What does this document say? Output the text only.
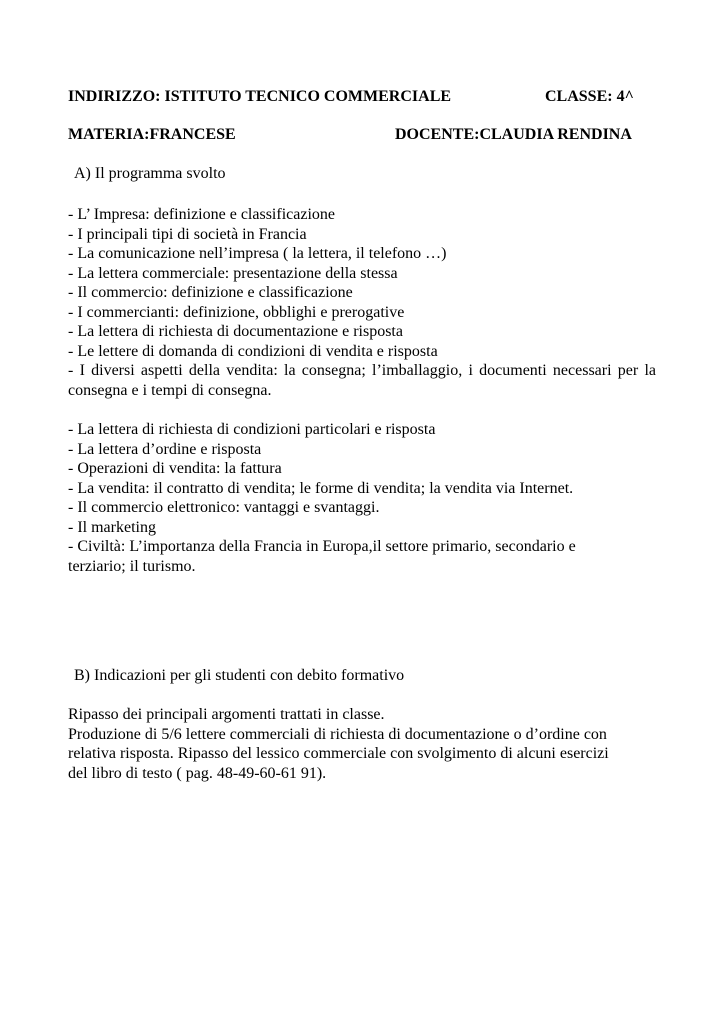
INDIRIZZO: ISTITUTO TECNICO COMMERCIALE	CLASSE: 4^
MATERIA:FRANCESE	DOCENTE:CLAUDIA RENDINA
A) Il programma svolto
- L’ Impresa: definizione e classificazione
- I principali tipi di società in Francia
- La comunicazione nell’impresa ( la lettera, il telefono …)
- La lettera commerciale: presentazione della stessa
- Il commercio: definizione e classificazione
- I commercianti: definizione, obblighi e prerogative
- La lettera di richiesta di documentazione e risposta
- Le lettere di domanda di condizioni di vendita e risposta
- I diversi aspetti della vendita: la consegna; l’imballaggio, i documenti necessari per la consegna e i tempi di consegna.
- La lettera di richiesta di condizioni particolari e risposta
- La lettera d’ordine e risposta
- Operazioni di vendita: la fattura
- La vendita: il contratto di vendita; le forme di vendita; la vendita via Internet.
- Il commercio elettronico: vantaggi e svantaggi.
- Il marketing
- Civiltà: L’importanza della Francia in Europa,il settore primario, secondario e
terziario; il turismo.
B) Indicazioni per gli studenti con debito formativo
Ripasso dei principali argomenti trattati in classe.
Produzione di 5/6 lettere commerciali di richiesta di documentazione o d’ordine con
relativa risposta. Ripasso del lessico commerciale con svolgimento di alcuni esercizi
del libro di testo ( pag. 48-49-60-61 91).
